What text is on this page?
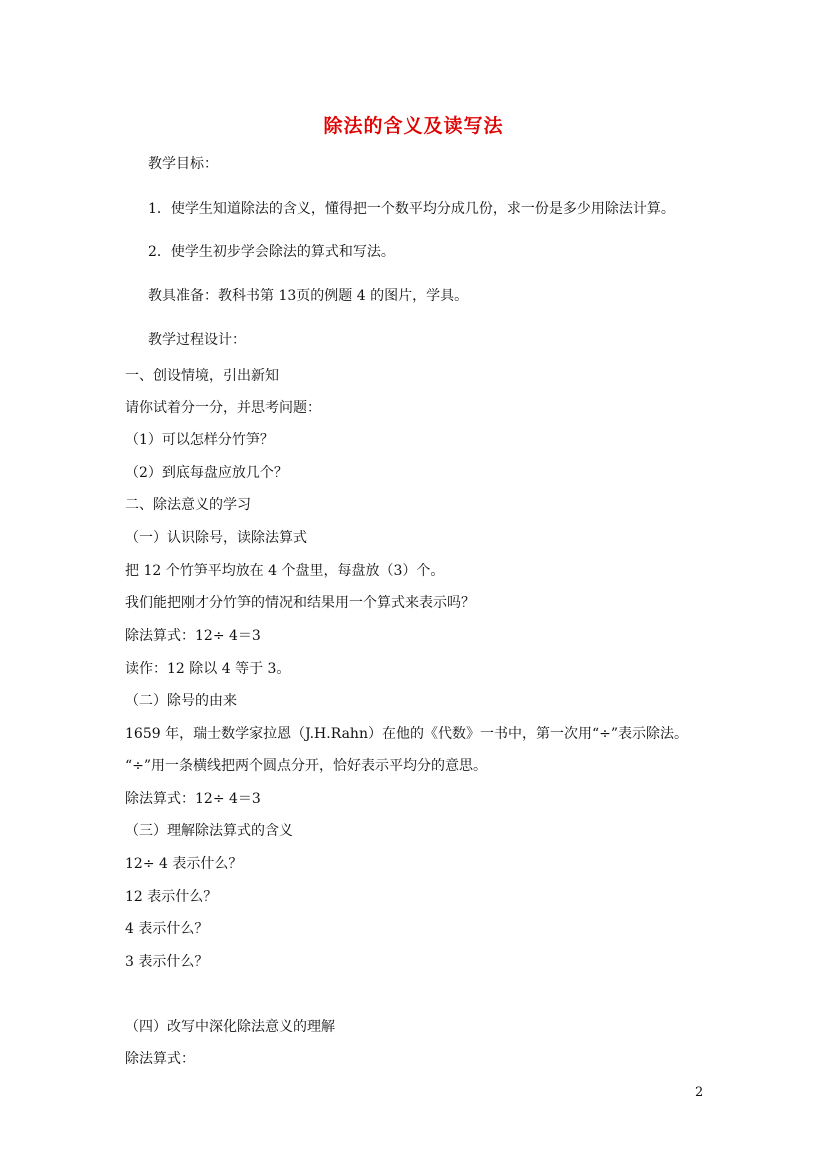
除法的含义及读写法
教学目标：
1．使学生知道除法的含义，懂得把一个数平均分成几份，求一份是多少用除法计算。
2．使学生初步学会除法的算式和写法。
教具准备：教科书第 13页的例题 4 的图片，学具。
教学过程设计：
一、创设情境，引出新知
请你试着分一分，并思考问题：
（1）可以怎样分竹笋？
（2）到底每盘应放几个？
二、除法意义的学习
（一）认识除号，读除法算式
把 12 个竹笋平均放在 4 个盘里，每盘放（3）个。
我们能把刚才分竹笋的情况和结果用一个算式来表示吗？
除法算式：12÷ 4＝3
读作：12 除以 4 等于 3。
（二）除号的由来
1659 年，瑞士数学家拉恩（J.H.Rahn）在他的《代数》一书中，第一次用“÷”表示除法。
“÷”用一条横线把两个圆点分开，恰好表示平均分的意思。
除法算式：12÷ 4＝3
（三）理解除法算式的含义
12÷ 4 表示什么？
12 表示什么？
4 表示什么？
3 表示什么？
（四）改写中深化除法意义的理解
除法算式：
2
